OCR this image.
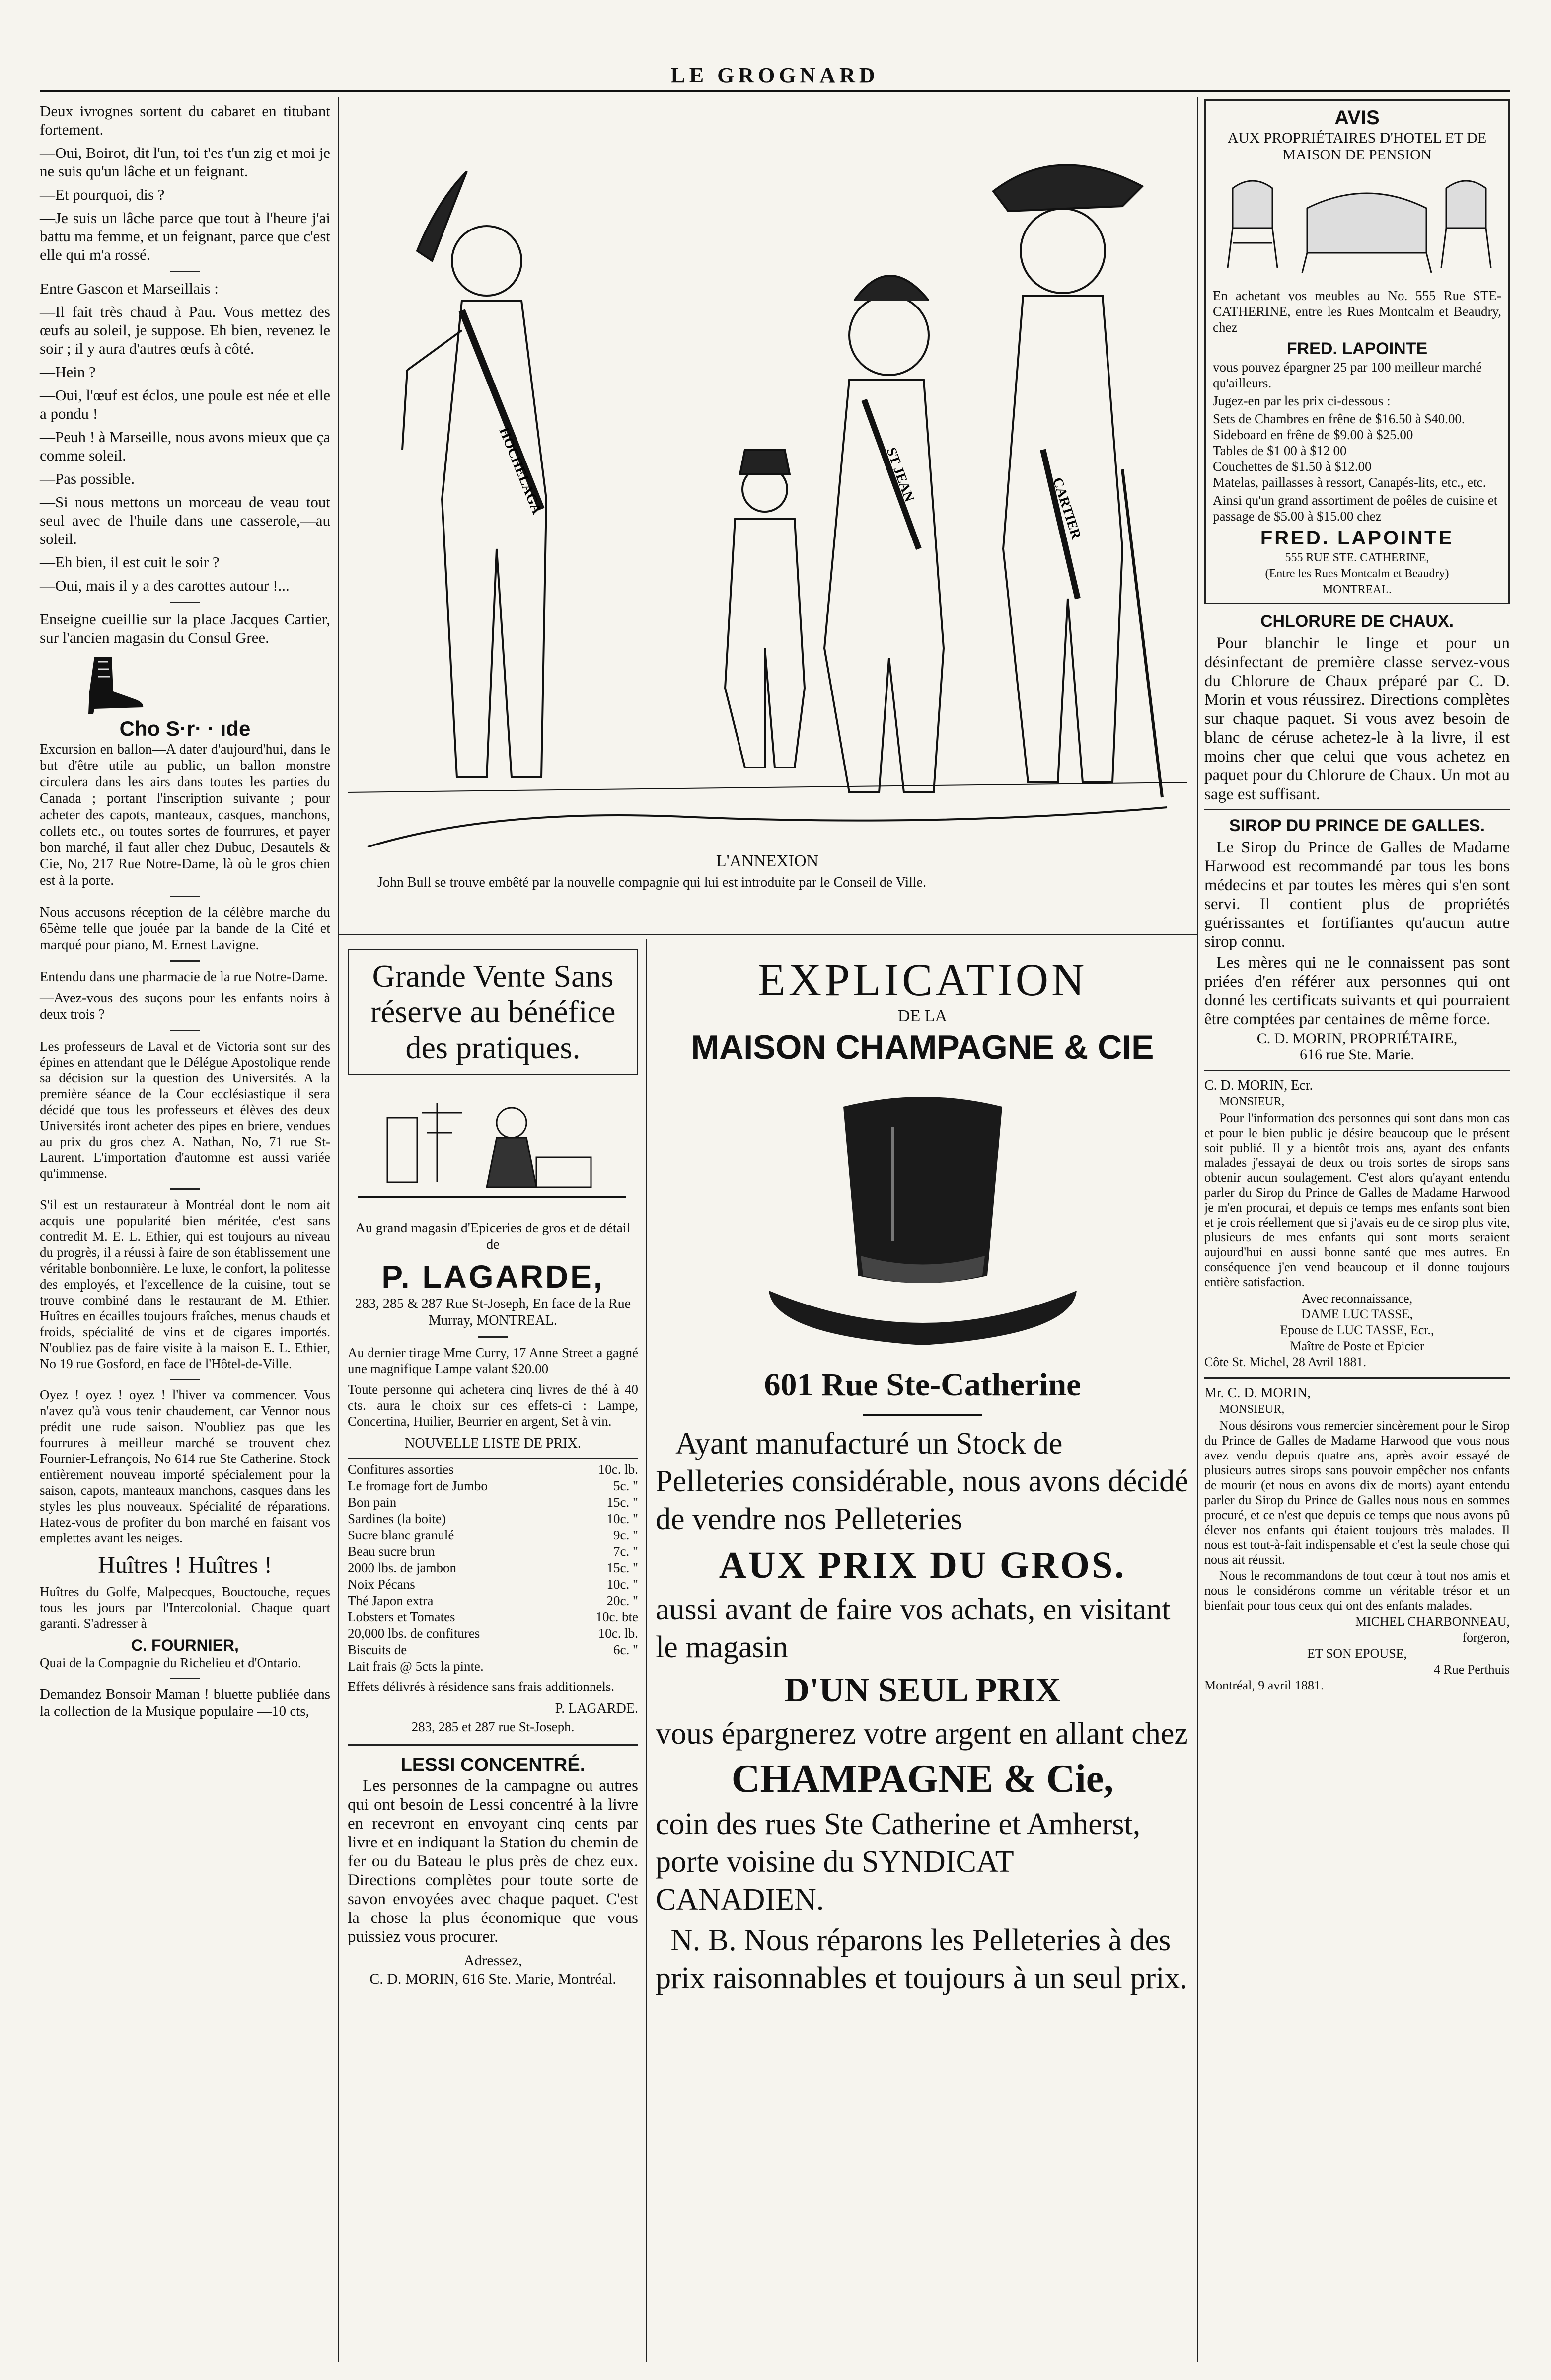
LE GROGNARD

Deux ivrognes sortent du cabaret en titubant fortement.

—Oui, Boirot, dit l'un, toi t'es t'un zig et moi je ne suis qu'un lâche et un feignant.

—Et pourquoi, dis ?

—Je suis un lâche parce que tout à l'heure j'ai battu ma femme, et un feignant, parce que c'est elle qui m'a rossé.

Entre Gascon et Marseillais :

—Il fait très chaud à Pau. Vous mettez des œufs au soleil, je suppose. Eh bien, revenez le soir ; il y aura d'autres œufs à côté.

—Hein ?

—Oui, l'œuf est éclos, une poule est née et elle a pondu !

—Peuh ! à Marseille, nous avons mieux que ça comme soleil.

—Pas possible.

—Si nous mettons un morceau de veau tout seul avec de l'huile dans une casserole,—au soleil.

—Eh bien, il est cuit le soir ?

—Oui, mais il y a des carottes autour !...

Enseigne cueillie sur la place Jacques Cartier, sur l'ancien magasin du Consul Gree.

Cho S·r· · ıde

Excursion en ballon—A dater d'aujourd'hui, dans le but d'être utile au public, un ballon monstre circulera dans les airs dans toutes les parties du Canada ; portant l'inscription suivante ; pour acheter des capots, manteaux, casques, manchons, collets etc., ou toutes sortes de fourrures, et payer bon marché, il faut aller chez Dubuc, Desautels & Cie, No, 217 Rue Notre-Dame, là où le gros chien est à la porte.

Nous accusons réception de la célèbre marche du 65ème telle que jouée par la bande de la Cité et marqué pour piano, M. Ernest Lavigne.

Entendu dans une pharmacie de la rue Notre-Dame.

—Avez-vous des suçons pour les enfants noirs à deux trois ?

Les professeurs de Laval et de Victoria sont sur des épines en attendant que le Délégue Apostolique rende sa décision sur la question des Universités. A la première séance de la Cour ecclésiastique il sera décidé que tous les professeurs et élèves des deux Universités iront acheter des pipes en briere, vendues au prix du gros chez A. Nathan, No, 71 rue St-Laurent. L'importation d'automne est aussi variée qu'immense.

S'il est un restaurateur à Montréal dont le nom ait acquis une popularité bien méritée, c'est sans contredit M. E. L. Ethier, qui est toujours au niveau du progrès, il a réussi à faire de son établissement une véritable bonbonnière. Le luxe, le confort, la politesse des employés, et l'excellence de la cuisine, tout se trouve combiné dans le restaurant de M. Ethier. Huîtres en écailles toujours fraîches, menus chauds et froids, spécialité de vins et de cigares importés. N'oubliez pas de faire visite à la maison E. L. Ethier, No 19 rue Gosford, en face de l'Hôtel-de-Ville.

Oyez ! oyez ! oyez ! l'hiver va commencer. Vous n'avez qu'à vous tenir chaudement, car Vennor nous prédit une rude saison. N'oubliez pas que les fourrures à meilleur marché se trouvent chez Fournier-Lefrançois, No 614 rue Ste Catherine. Stock entièrement nouveau importé spécialement pour la saison, capots, manteaux manchons, casques dans les styles les plus nouveaux. Spécialité de réparations. Hatez-vous de profiter du bon marché en faisant vos emplettes avant les neiges.

Huîtres ! Huîtres !

Huîtres du Golfe, Malpecques, Bouctouche, reçues tous les jours par l'Intercolonial. Chaque quart garanti. S'adresser à

C. FOURNIER,

Quai de la Compagnie du Richelieu et d'Ontario.

Demandez Bonsoir Maman ! bluette publiée dans la collection de la Musique populaire —10 cts,

HOCHELAGA	ST JEAN
CARTIER
L'ANNEXION
John Bull se trouve embêté par la nouvelle compagnie qui lui est introduite par le Conseil de Ville.
Grande Vente Sans réserve au bénéfice des pratiques.

Au grand magasin d'Epiceries de gros et de détail de

P. LAGARDE,

283, 285 & 287 Rue St-Joseph, En face de la Rue Murray, MONTREAL.

Au dernier tirage Mme Curry, 17 Anne Street a gagné une magnifique Lampe valant $20.00

Toute personne qui achetera cinq livres de thé à 40 cts. aura le choix sur ces effets-ci : Lampe, Concertina, Huilier, Beurrier en argent, Set à vin.

NOUVELLE LISTE DE PRIX.
Confitures assorties	10c. lb.
Le fromage fort de Jumbo	5c. "
Bon pain	15c. "
Sardines (la boite)	10c. "
Sucre blanc granulé	9c. "
Beau sucre brun	7c. "
2000 lbs. de jambon	15c. "
Noix Pécans	10c. "
Thé Japon extra	20c. "
Lobsters et Tomates	10c. bte
20,000 lbs. de confitures	10c. lb.
Biscuits de	6c. "
Lait frais @ 5cts la pinte.

Effets délivrés à résidence sans frais additionnels.

P. LAGARDE.
283, 285 et 287 rue St-Joseph.
LESSI CONCENTRÉ.

Les personnes de la campagne ou autres qui ont besoin de Lessi concentré à la livre en recevront en envoyant cinq cents par livre et en indiquant la Station du chemin de fer ou du Bateau le plus près de chez eux. Directions complètes pour toute sorte de savon envoyées avec chaque paquet. C'est la chose la plus économique que vous puissiez vous procurer.

Adressez,
C. D. MORIN, 616 Ste. Marie, Montréal.
EXPLICATION
DE LA
MAISON CHAMPAGNE & CIE
601 Rue Ste-Catherine

Ayant manufacturé un Stock de Pelleteries considérable, nous avons décidé de vendre nos Pelleteries

AUX PRIX DU GROS.

aussi avant de faire vos achats, en visitant le magasin

D'UN SEUL PRIX

vous épargnerez votre argent en allant chez

CHAMPAGNE & Cie,

coin des rues Ste Catherine et Amherst, porte voisine du SYNDICAT CANADIEN.

N. B. Nous réparons les Pelleteries à des prix raisonnables et toujours à un seul prix.

AVIS
AUX PROPRIÉTAIRES D'HOTEL ET DE MAISON DE PENSION

En achetant vos meubles au No. 555 Rue STE-CATHERINE, entre les Rues Montcalm et Beaudry, chez

FRED. LAPOINTE

vous pouvez épargner 25 par 100 meilleur marché qu'ailleurs.

Jugez-en par les prix ci-dessous :

Sets de Chambres en frêne de $16.50 à $40.00.
Sideboard en frêne de $9.00 à $25.00
Tables de $1 00 à $12 00
Couchettes de $1.50 à $12.00
Matelas, paillasses à ressort, Canapés-lits, etc., etc.

Ainsi qu'un grand assortiment de poêles de cuisine et passage de $5.00 à $15.00 chez

FRED. LAPOINTE
555 RUE STE. CATHERINE,
(Entre les Rues Montcalm et Beaudry)
MONTREAL.
CHLORURE DE CHAUX.

Pour blanchir le linge et pour un désinfectant de première classe servez-vous du Chlorure de Chaux préparé par C. D. Morin et vous réussirez. Directions complètes sur chaque paquet. Si vous avez besoin de blanc de céruse achetez-le à la livre, il est moins cher que celui que vous achetez en paquet pour du Chlorure de Chaux. Un mot au sage est suffisant.

SIROP DU PRINCE DE GALLES.

Le Sirop du Prince de Galles de Madame Harwood est recommandé par tous les bons médecins et par toutes les mères qui s'en sont servi. Il contient plus de propriétés guérissantes et fortifiantes qu'aucun autre sirop connu.

Les mères qui ne le connaissent pas sont priées d'en référer aux personnes qui ont donné les certificats suivants et qui pourraient être comptées par centaines de même force.

C. D. MORIN, PROPRIÉTAIRE,
616 rue Ste. Marie.
C. D. MORIN, Ecr.
MONSIEUR,

Pour l'information des personnes qui sont dans mon cas et pour le bien public je désire beaucoup que le présent soit publié. Il y a bientôt trois ans, ayant des enfants malades j'essayai de deux ou trois sortes de sirops sans obtenir aucun soulagement. C'est alors qu'ayant entendu parler du Sirop du Prince de Galles de Madame Harwood je m'en procurai, et depuis ce temps mes enfants sont bien et je crois réellement que si j'avais eu de ce sirop plus vite, plusieurs de mes enfants qui sont morts seraient aujourd'hui en aussi bonne santé que mes autres. En conséquence j'en vend beaucoup et il donne toujours entière satisfaction.

Avec reconnaissance,
DAME LUC TASSE,
Epouse de LUC TASSE, Ecr.,
Maître de Poste et Epicier
Côte St. Michel, 28 Avril 1881.
Mr. C. D. MORIN,
MONSIEUR,

Nous désirons vous remercier sincèrement pour le Sirop du Prince de Galles de Madame Harwood que vous nous avez vendu depuis quatre ans, après avoir essayé de plusieurs autres sirops sans pouvoir empêcher nos enfants de mourir (et nous en avons dix de morts) ayant entendu parler du Sirop du Prince de Galles nous nous en sommes procuré, et ce n'est que depuis ce temps que nous avons pû élever nos enfants qui étaient toujours très malades. Il nous est tout-à-fait indispensable et c'est la seule chose qui nous ait réussit.

Nous le recommandons de tout cœur à tout nos amis et nous le considérons comme un véritable trésor et un bienfait pour tous ceux qui ont des enfants malades.

MICHEL CHARBONNEAU,
forgeron,
ET SON EPOUSE,
4 Rue Perthuis
Montréal, 9 avril 1881.
